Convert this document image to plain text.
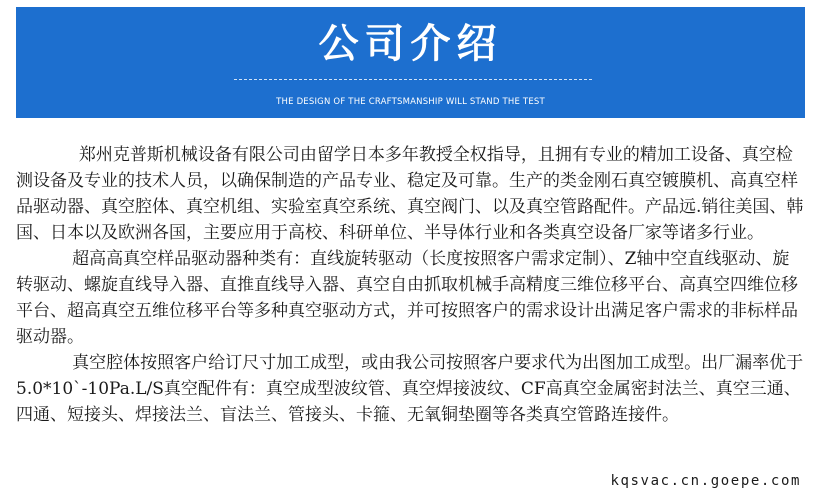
公司介绍
THE DESIGN OF THE CRAFTSMANSHIP WILL STAND THE TEST

郑州克普斯机械设备有限公司由留学日本多年教授全权指导，且拥有专业的精加工设备、真空检测设备及专业的技术人员，以确保制造的产品专业、稳定及可靠。生产的类金刚石真空镀膜机、高真空样品驱动器、真空腔体、真空机组、实验室真空系统、真空阀门、以及真空管路配件。产品远.销往美国、韩国、日本以及欧洲各国，主要应用于高校、科研单位、半导体行业和各类真空设备厂家等诸多行业。

超高高真空样品驱动器种类有：直线旋转驱动（长度按照客户需求定制）、Z轴中空直线驱动、旋转驱动、螺旋直线导入器、直推直线导入器、真空自由抓取机械手高精度三维位移平台、高真空四维位移平台、超高真空五维位移平台等多种真空驱动方式，并可按照客户的需求设计出满足客户需求的非标样品驱动器。

真空腔体按照客户给订尺寸加工成型，或由我公司按照客户要求代为出图加工成型。出厂漏率优于5.0*10`-10Pa.L/S真空配件有：真空成型波纹管、真空焊接波纹、CF高真空金属密封法兰、真空三通、四通、短接头、焊接法兰、盲法兰、管接头、卡箍、无氧铜垫圈等各类真空管路连接件。

kqsvac.cn.goepe.com
